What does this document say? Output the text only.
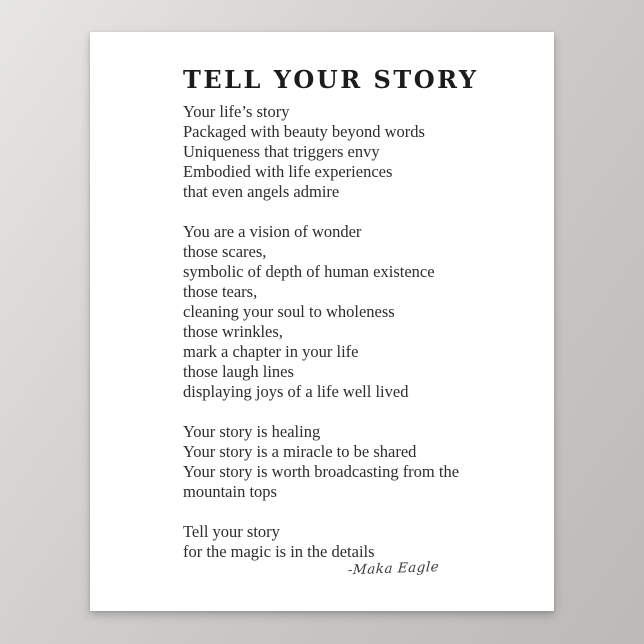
TELL YOUR STORY
Your life’s story
Packaged with beauty beyond words
Uniqueness that triggers envy
Embodied with life experiences
that even angels admire
You are a vision of wonder
those scares,
symbolic of depth of human existence
those tears,
cleaning your soul to wholeness
those wrinkles,
mark a chapter in your life
those laugh lines
displaying joys of a life well lived
Your story is healing
Your story is a miracle to be shared
Your story is worth broadcasting from the
mountain tops
Tell your story
for the magic is in the details
-Maka Eagle
